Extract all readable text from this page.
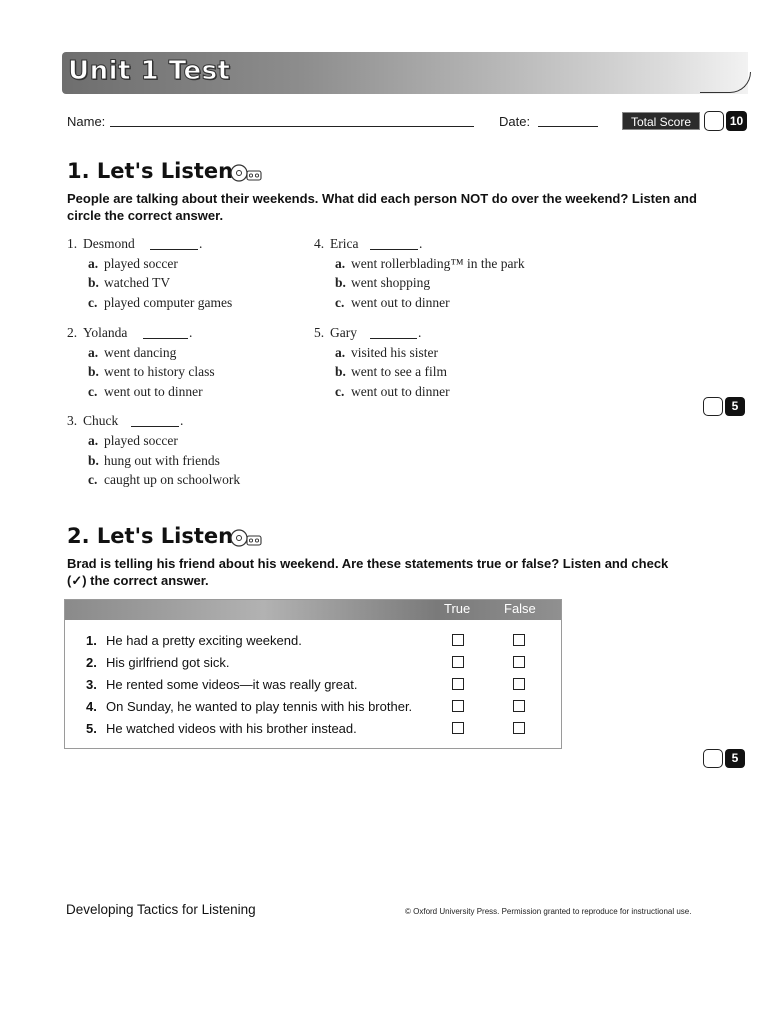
Unit 1 Test
Name:	Date:	Total Score	10
1. Let's Listen
People are talking about their weekends. What did each person NOT do over the weekend? Listen and circle the correct answer.
1. Desmond	.
a. played soccer
b. watched TV
c. played computer games
2. Yolanda	.
a. went dancing
b. went to history class
c. went out to dinner
3. Chuck	.
a. played soccer
b. hung out with friends
c. caught up on schoolwork
4. Erica	.
a. went rollerblading™ in the park
b. went shopping
c. went out to dinner
5. Gary	.
a. visited his sister
b. went to see a film
c. went out to dinner
5
2. Let's Listen
Brad is telling his friend about his weekend. Are these statements true or false? Listen and check (✓) the correct answer.
True	False
1. He had a pretty exciting weekend.
2. His girlfriend got sick.
3. He rented some videos—it was really great.
4. On Sunday, he wanted to play tennis with his brother.
5. He watched videos with his brother instead.
5
Developing Tactics for Listening	© Oxford University Press. Permission granted to reproduce for instructional use.
